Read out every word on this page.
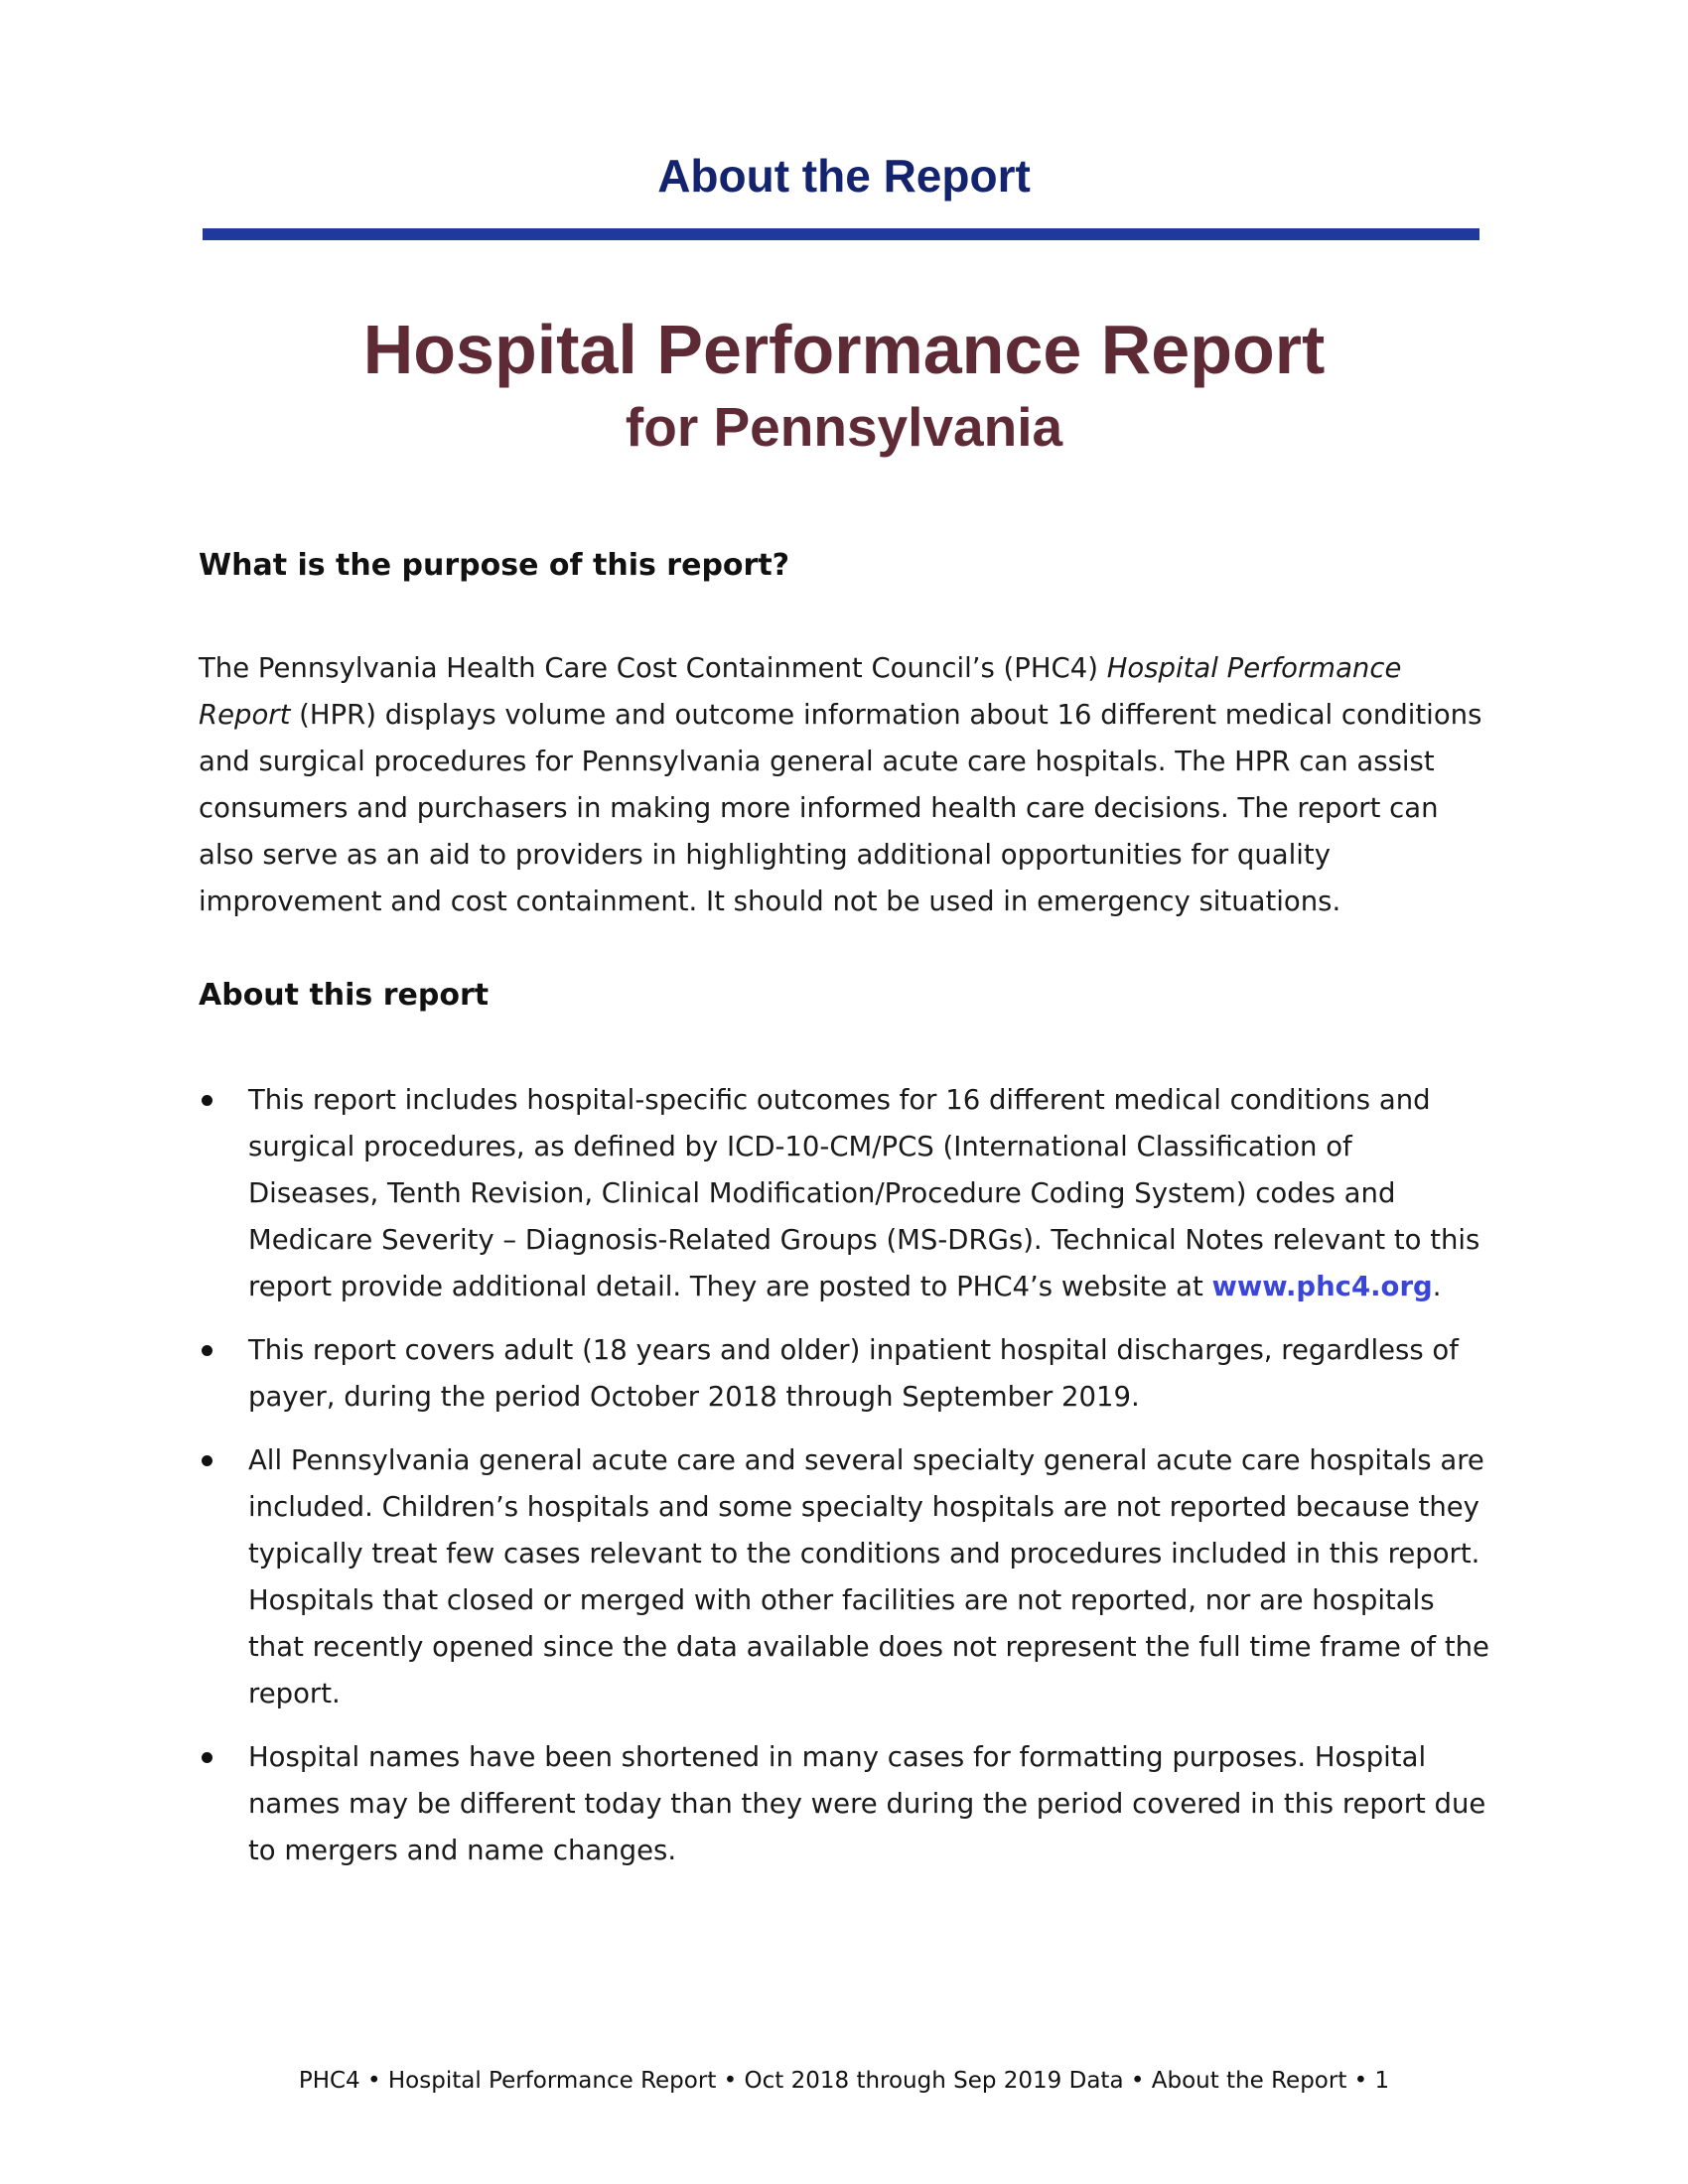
About the Report
Hospital Performance Report
for Pennsylvania
What is the purpose of this report?

The Pennsylvania Health Care Cost Containment Council’s (PHC4) Hospital Performance Report (HPR) displays volume and outcome information about 16 different medical conditions and surgical procedures for Pennsylvania general acute care hospitals. The HPR can assist consumers and purchasers in making more informed health care decisions. The report can also serve as an aid to providers in highlighting additional opportunities for quality improvement and cost containment. It should not be used in emergency situations.

About this report
This report includes hospital-specific outcomes for 16 different medical conditions and surgical procedures, as defined by ICD-10-CM/PCS (International Classification of Diseases, Tenth Revision, Clinical Modification/Procedure Coding System) codes and Medicare Severity – Diagnosis-Related Groups (MS-DRGs). Technical Notes relevant to this report provide additional detail. They are posted to PHC4’s website at www.phc4.org.
This report covers adult (18 years and older) inpatient hospital discharges, regardless of payer, during the period October 2018 through September 2019.
All Pennsylvania general acute care and several specialty general acute care hospitals are included. Children’s hospitals and some specialty hospitals are not reported because they typically treat few cases relevant to the conditions and procedures included in this report. Hospitals that closed or merged with other facilities are not reported, nor are hospitals that recently opened since the data available does not represent the full time frame of the report.
Hospital names have been shortened in many cases for formatting purposes. Hospital names may be different today than they were during the period covered in this report due to mergers and name changes.
PHC4 • Hospital Performance Report • Oct 2018 through Sep 2019 Data • About the Report • 1
